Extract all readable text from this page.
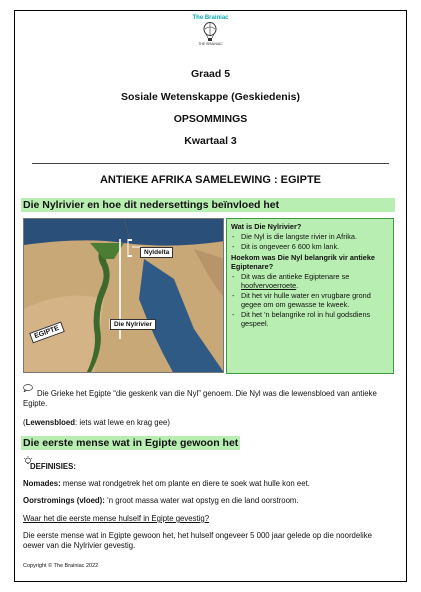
The Brainiac
THE BRAINIAC
Graad 5
Sosiale Wetenskappe (Geskiedenis)
OPSOMMINGS
Kwartaal 3
ANTIEKE AFRIKA SAMELEWING : EGIPTE
Die Nylrivier en hoe dit nedersettings beïnvloed het
Nyldelta
Die Nylrivier
EGIPTE
Wat is Die Nylrivier?
- Die Nyl is die langste rivier in Afrika.
- Dit is ongeveer 6 600 km lank.
Hoekom was Die Nyl belangrik vir antieke Egiptenare?
- Dit was die antieke Egiptenare se hoofvervoerroete.
- Dit het vir hulle water en vrugbare grond gegee om om gewasse te kweek.
- Dit het 'n belangrike rol in hul godsdiens gespeel.
Die Grieke het Egipte “die geskenk van die Nyl” genoem. Die Nyl was die lewensbloed van antieke Egipte.
(Lewensbloed: iets wat lewe en krag gee)
Die eerste mense wat in Egipte gewoon het
DEFINISIES:
Nomades: mense wat rondgetrek het om plante en diere te soek wat hulle kon eet.
Oorstromings (vloed): ‘n groot massa water wat opstyg en die land oorstroom.
Waar het die eerste mense hulself in Egipte gevestig?
Die eerste mense wat in Egipte gewoon het, het hulself ongeveer 5 000 jaar gelede op die noordelike oewer van die Nylrivier gevestig.
Copyright © The Brainiac 2022
